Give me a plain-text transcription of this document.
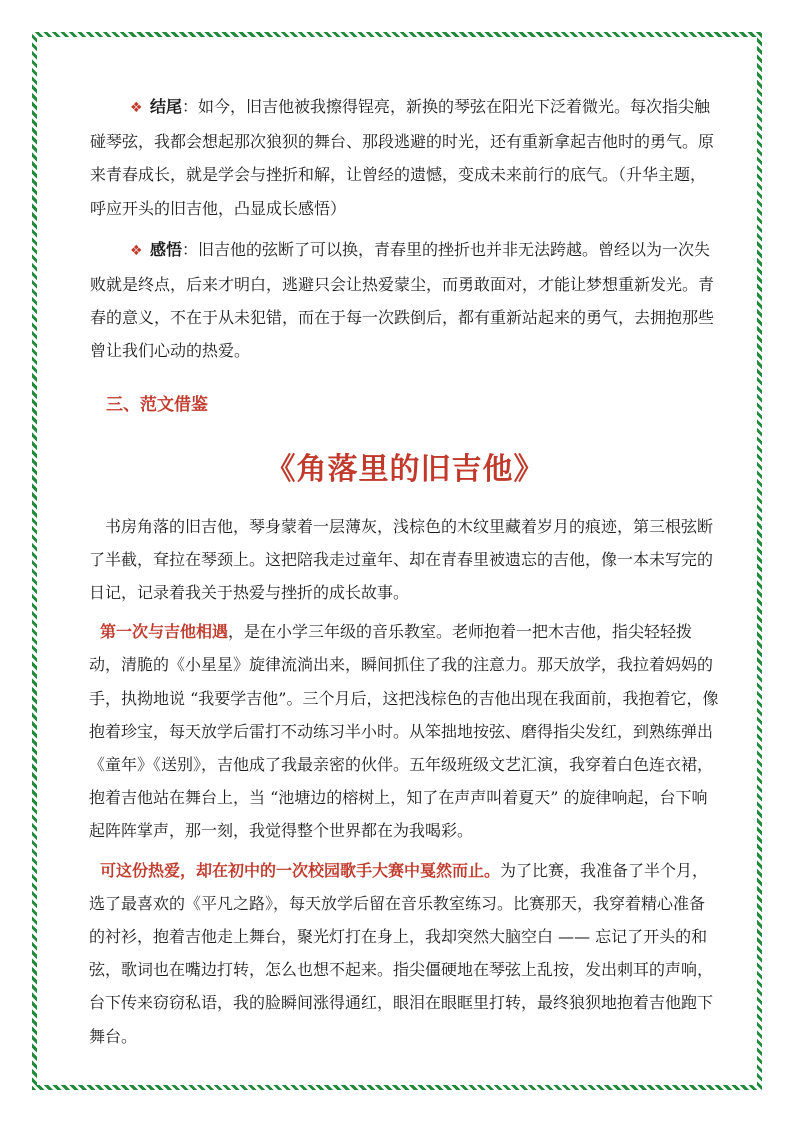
❖ 结尾：如今，旧吉他被我擦得锃亮，新换的琴弦在阳光下泛着微光。每次指尖触碰琴弦，我都会想起那次狼狈的舞台、那段逃避的时光，还有重新拿起吉他时的勇气。原来青春成长，就是学会与挫折和解，让曾经的遗憾，变成未来前行的底气。（升华主题，呼应开头的旧吉他，凸显成长感悟）

❖ 感悟：旧吉他的弦断了可以换，青春里的挫折也并非无法跨越。曾经以为一次失败就是终点，后来才明白，逃避只会让热爱蒙尘，而勇敢面对，才能让梦想重新发光。青春的意义，不在于从未犯错，而在于每一次跌倒后，都有重新站起来的勇气，去拥抱那些曾让我们心动的热爱。

三、范文借鉴
《角落里的旧吉他》

书房角落的旧吉他，琴身蒙着一层薄灰，浅棕色的木纹里藏着岁月的痕迹，第三根弦断了半截，耷拉在琴颈上。这把陪我走过童年、却在青春里被遗忘的吉他，像一本未写完的日记，记录着我关于热爱与挫折的成长故事。

第一次与吉他相遇，是在小学三年级的音乐教室。老师抱着一把木吉他，指尖轻轻拨动，清脆的《小星星》旋律流淌出来，瞬间抓住了我的注意力。那天放学，我拉着妈妈的手，执拗地说 “我要学吉他”。三个月后，这把浅棕色的吉他出现在我面前，我抱着它，像抱着珍宝，每天放学后雷打不动练习半小时。从笨拙地按弦、磨得指尖发红，到熟练弹出《童年》《送别》，吉他成了我最亲密的伙伴。五年级班级文艺汇演，我穿着白色连衣裙，抱着吉他站在舞台上，当 “池塘边的榕树上，知了在声声叫着夏天” 的旋律响起，台下响起阵阵掌声，那一刻，我觉得整个世界都在为我喝彩。

可这份热爱，却在初中的一次校园歌手大赛中戛然而止。为了比赛，我准备了半个月，选了最喜欢的《平凡之路》，每天放学后留在音乐教室练习。比赛那天，我穿着精心准备的衬衫，抱着吉他走上舞台，聚光灯打在身上，我却突然大脑空白 —— 忘记了开头的和弦，歌词也在嘴边打转，怎么也想不起来。指尖僵硬地在琴弦上乱按，发出刺耳的声响，台下传来窃窃私语，我的脸瞬间涨得通红，眼泪在眼眶里打转，最终狼狈地抱着吉他跑下舞台。
